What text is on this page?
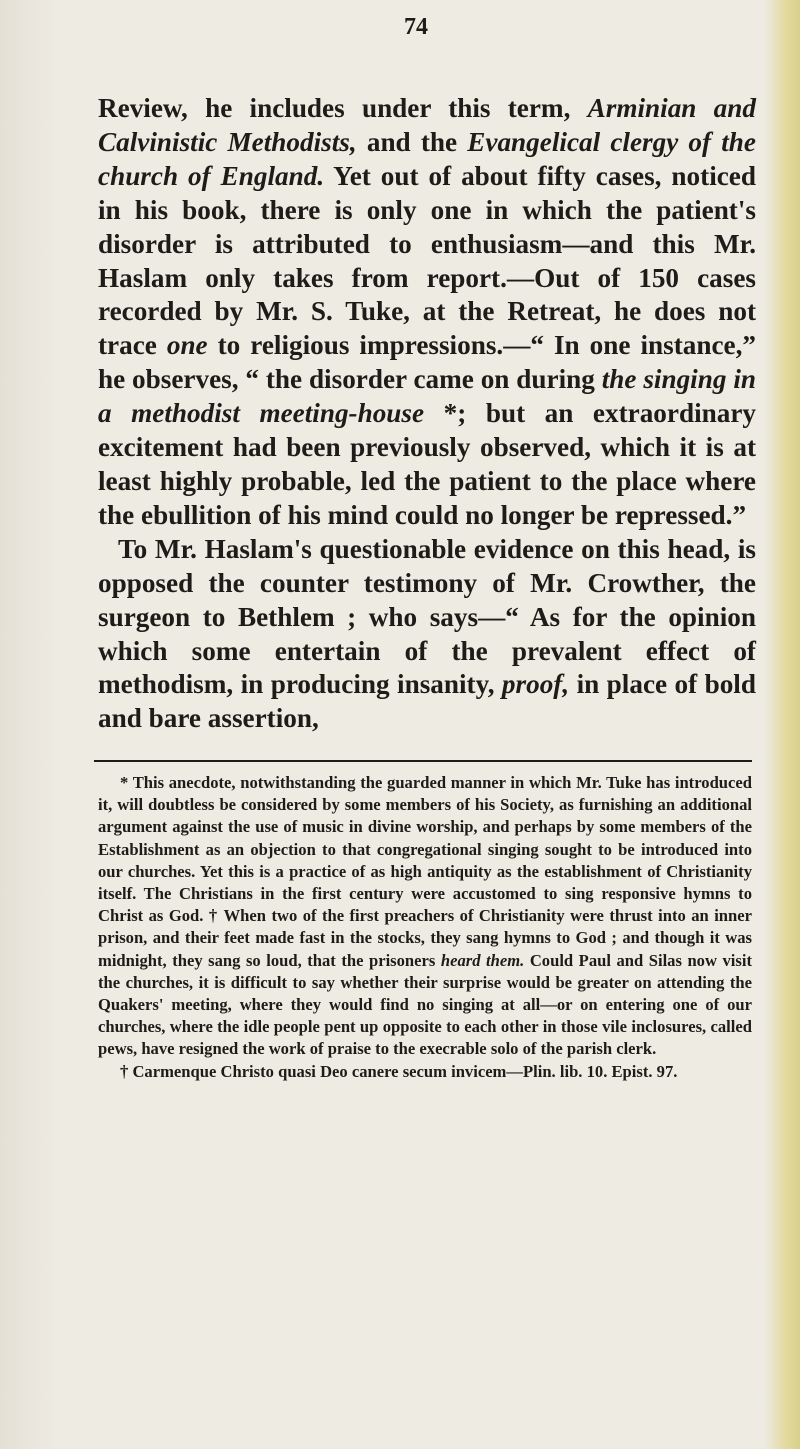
74

Review, he includes under this term, Arminian and Calvinistic Methodists, and the Evangelical clergy of the church of England. Yet out of about fifty cases, noticed in his book, there is only one in which the patient's disorder is attributed to enthusiasm—and this Mr. Haslam only takes from report.—Out of 150 cases recorded by Mr. S. Tuke, at the Retreat, he does not trace one to religious impressions.—“ In one instance,” he observes, “ the disorder came on during the singing in a methodist meeting-house *; but an extraordinary excitement had been previously observed, which it is at least highly probable, led the patient to the place where the ebullition of his mind could no longer be repressed.”

To Mr. Haslam's questionable evidence on this head, is opposed the counter testimony of Mr. Crowther, the surgeon to Bethlem ; who says—“ As for the opinion which some entertain of the prevalent effect of methodism, in producing insanity, proof, in place of bold and bare assertion,

* This anecdote, notwithstanding the guarded manner in which Mr. Tuke has introduced it, will doubtless be considered by some members of his Society, as furnishing an additional argument against the use of music in divine worship, and perhaps by some members of the Establishment as an objection to that congregational singing sought to be introduced into our churches. Yet this is a practice of as high antiquity as the establishment of Christianity itself. The Christians in the first century were accustomed to sing responsive hymns to Christ as God. † When two of the first preachers of Christianity were thrust into an inner prison, and their feet made fast in the stocks, they sang hymns to God ; and though it was midnight, they sang so loud, that the prisoners heard them. Could Paul and Silas now visit the churches, it is difficult to say whether their surprise would be greater on attending the Quakers' meeting, where they would find no singing at all—or on entering one of our churches, where the idle people pent up opposite to each other in those vile inclosures, called pews, have resigned the work of praise to the execrable solo of the parish clerk.

† Carmenque Christo quasi Deo canere secum invicem—Plin. lib. 10. Epist. 97.
